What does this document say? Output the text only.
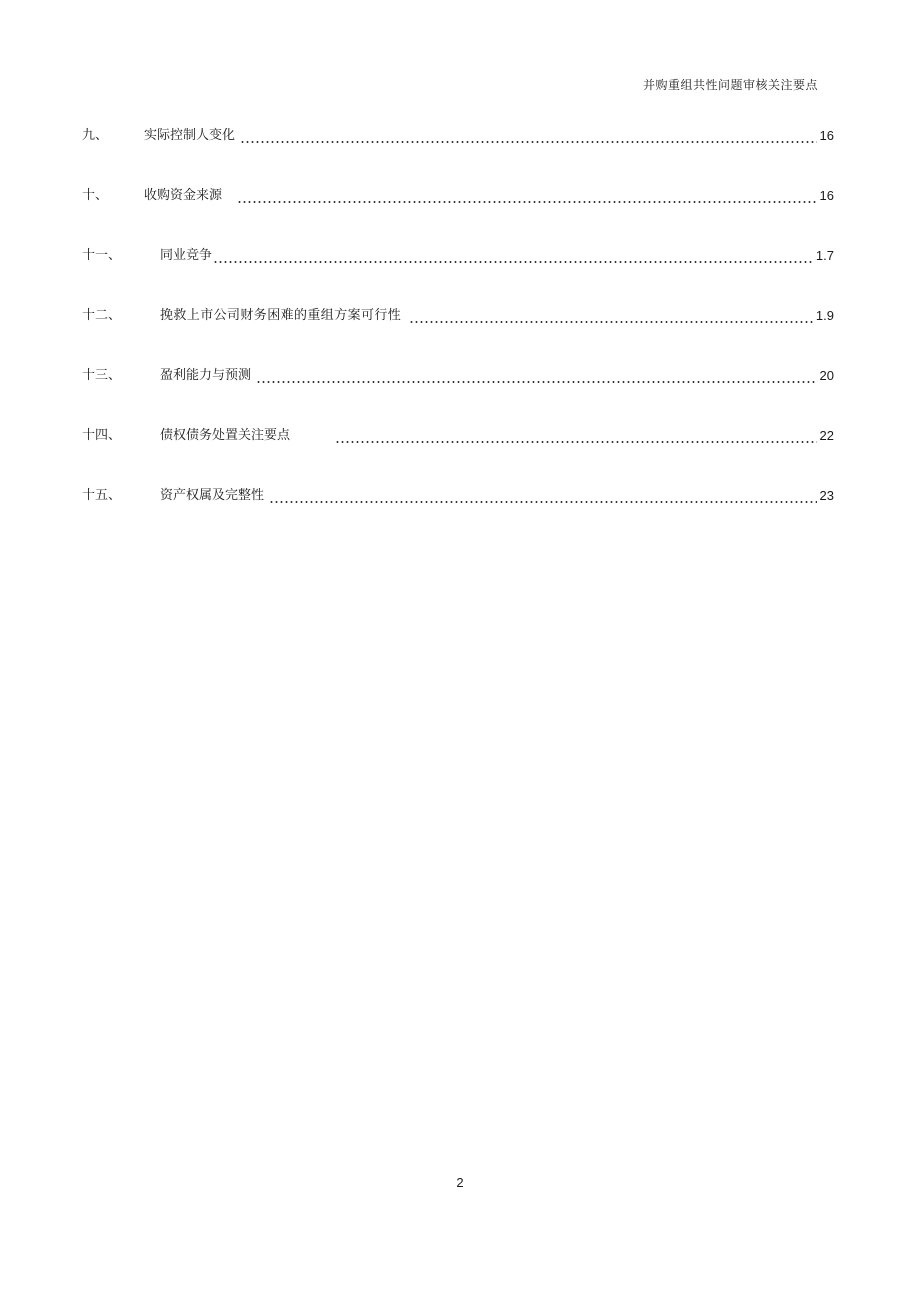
并购重组共性问题审核关注要点
九、	实际控制人变化	16
十、	收购资金来源	16
十一、	同业竞争	1.7
十二、	挽救上市公司财务困难的重组方案可行性	1.9
十三、	盈利能力与预测	20
十四、	债权债务处置关注要点	22
十五、	资产权属及完整性	23
2
